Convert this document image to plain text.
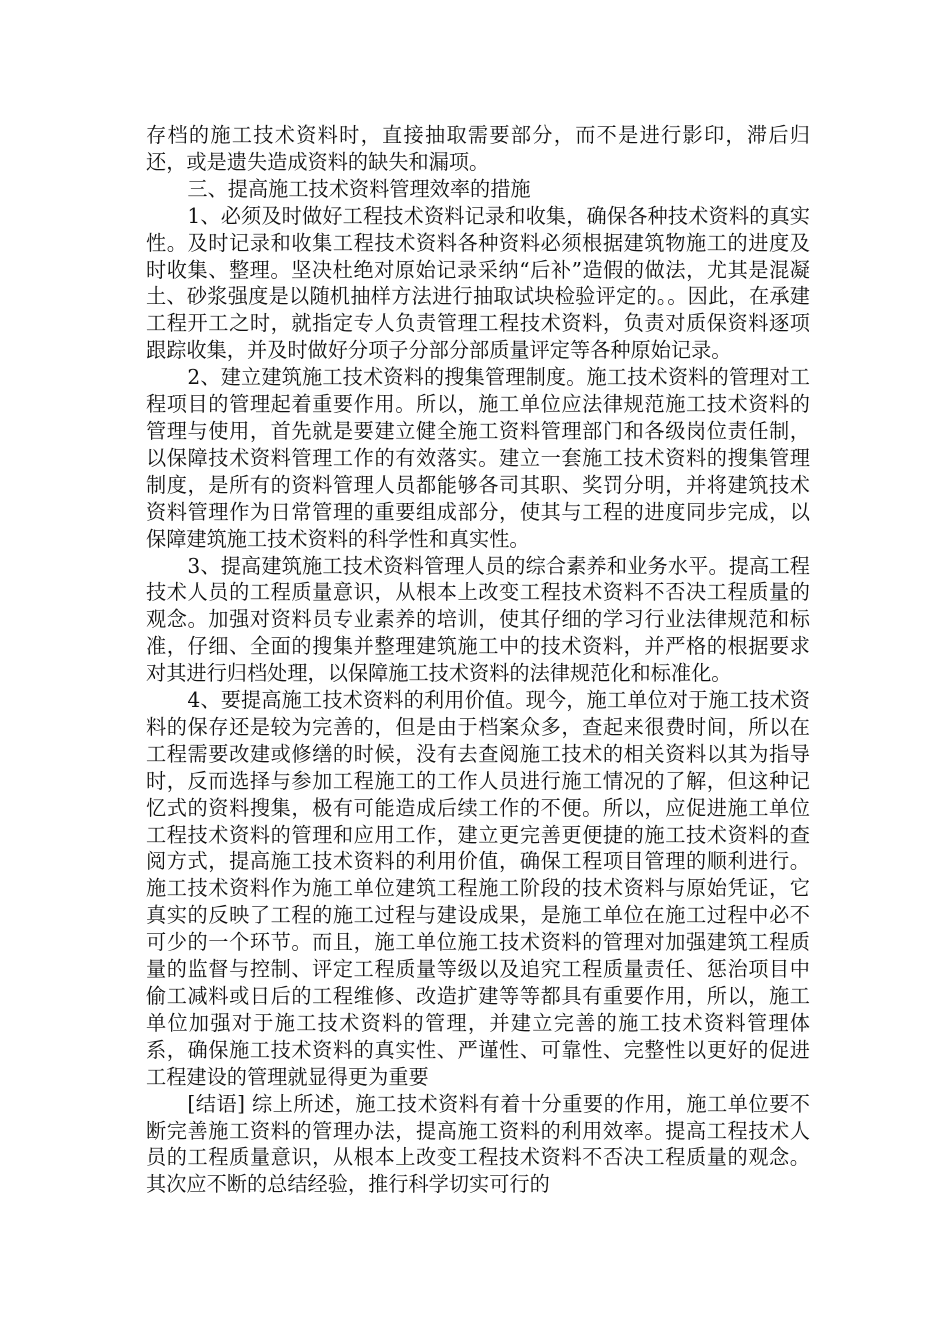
存档的施工技术资料时，直接抽取需要部分，而不是进行影印，滞后归还，或是遗失造成资料的缺失和漏项。

三、提高施工技术资料管理效率的措施

1、必须及时做好工程技术资料记录和收集，确保各种技术资料的真实性。及时记录和收集工程技术资料各种资料必须根据建筑物施工的进度及时收集、整理。坚决杜绝对原始记录采纳“后补”造假的做法，尤其是混凝土、砂浆强度是以随机抽样方法进行抽取试块检验评定的。。因此，在承建工程开工之时，就指定专人负责管理工程技术资料，负责对质保资料逐项跟踪收集，并及时做好分项子分部分部质量评定等各种原始记录。

2、建立建筑施工技术资料的搜集管理制度。施工技术资料的管理对工程项目的管理起着重要作用。所以，施工单位应法律规范施工技术资料的管理与使用，首先就是要建立健全施工资料管理部门和各级岗位责任制，以保障技术资料管理工作的有效落实。建立一套施工技术资料的搜集管理制度，是所有的资料管理人员都能够各司其职、奖罚分明，并将建筑技术资料管理作为日常管理的重要组成部分，使其与工程的进度同步完成，以保障建筑施工技术资料的科学性和真实性。

3、提高建筑施工技术资料管理人员的综合素养和业务水平。提高工程技术人员的工程质量意识，从根本上改变工程技术资料不否决工程质量的观念。加强对资料员专业素养的培训，使其仔细的学习行业法律规范和标准，仔细、全面的搜集并整理建筑施工中的技术资料，并严格的根据要求对其进行归档处理，以保障施工技术资料的法律规范化和标准化。

4、要提高施工技术资料的利用价值。现今，施工单位对于施工技术资料的保存还是较为完善的，但是由于档案众多，查起来很费时间，所以在工程需要改建或修缮的时候，没有去查阅施工技术的相关资料以其为指导时，反而选择与参加工程施工的工作人员进行施工情况的了解，但这种记忆式的资料搜集，极有可能造成后续工作的不便。所以，应促进施工单位工程技术资料的管理和应用工作，建立更完善更便捷的施工技术资料的查阅方式，提高施工技术资料的利用价值，确保工程项目管理的顺利进行。施工技术资料作为施工单位建筑工程施工阶段的技术资料与原始凭证，它真实的反映了工程的施工过程与建设成果，是施工单位在施工过程中必不可少的一个环节。而且，施工单位施工技术资料的管理对加强建筑工程质量的监督与控制、评定工程质量等级以及追究工程质量责任、惩治项目中偷工减料或日后的工程维修、改造扩建等等都具有重要作用，所以，施工单位加强对于施工技术资料的管理，并建立完善的施工技术资料管理体系，确保施工技术资料的真实性、严谨性、可靠性、完整性以更好的促进工程建设的管理就显得更为重要

[结语] 综上所述，施工技术资料有着十分重要的作用，施工单位要不断完善施工资料的管理办法，提高施工资料的利用效率。提高工程技术人员的工程质量意识，从根本上改变工程技术资料不否决工程质量的观念。其次应不断的总结经验，推行科学切实可行的
